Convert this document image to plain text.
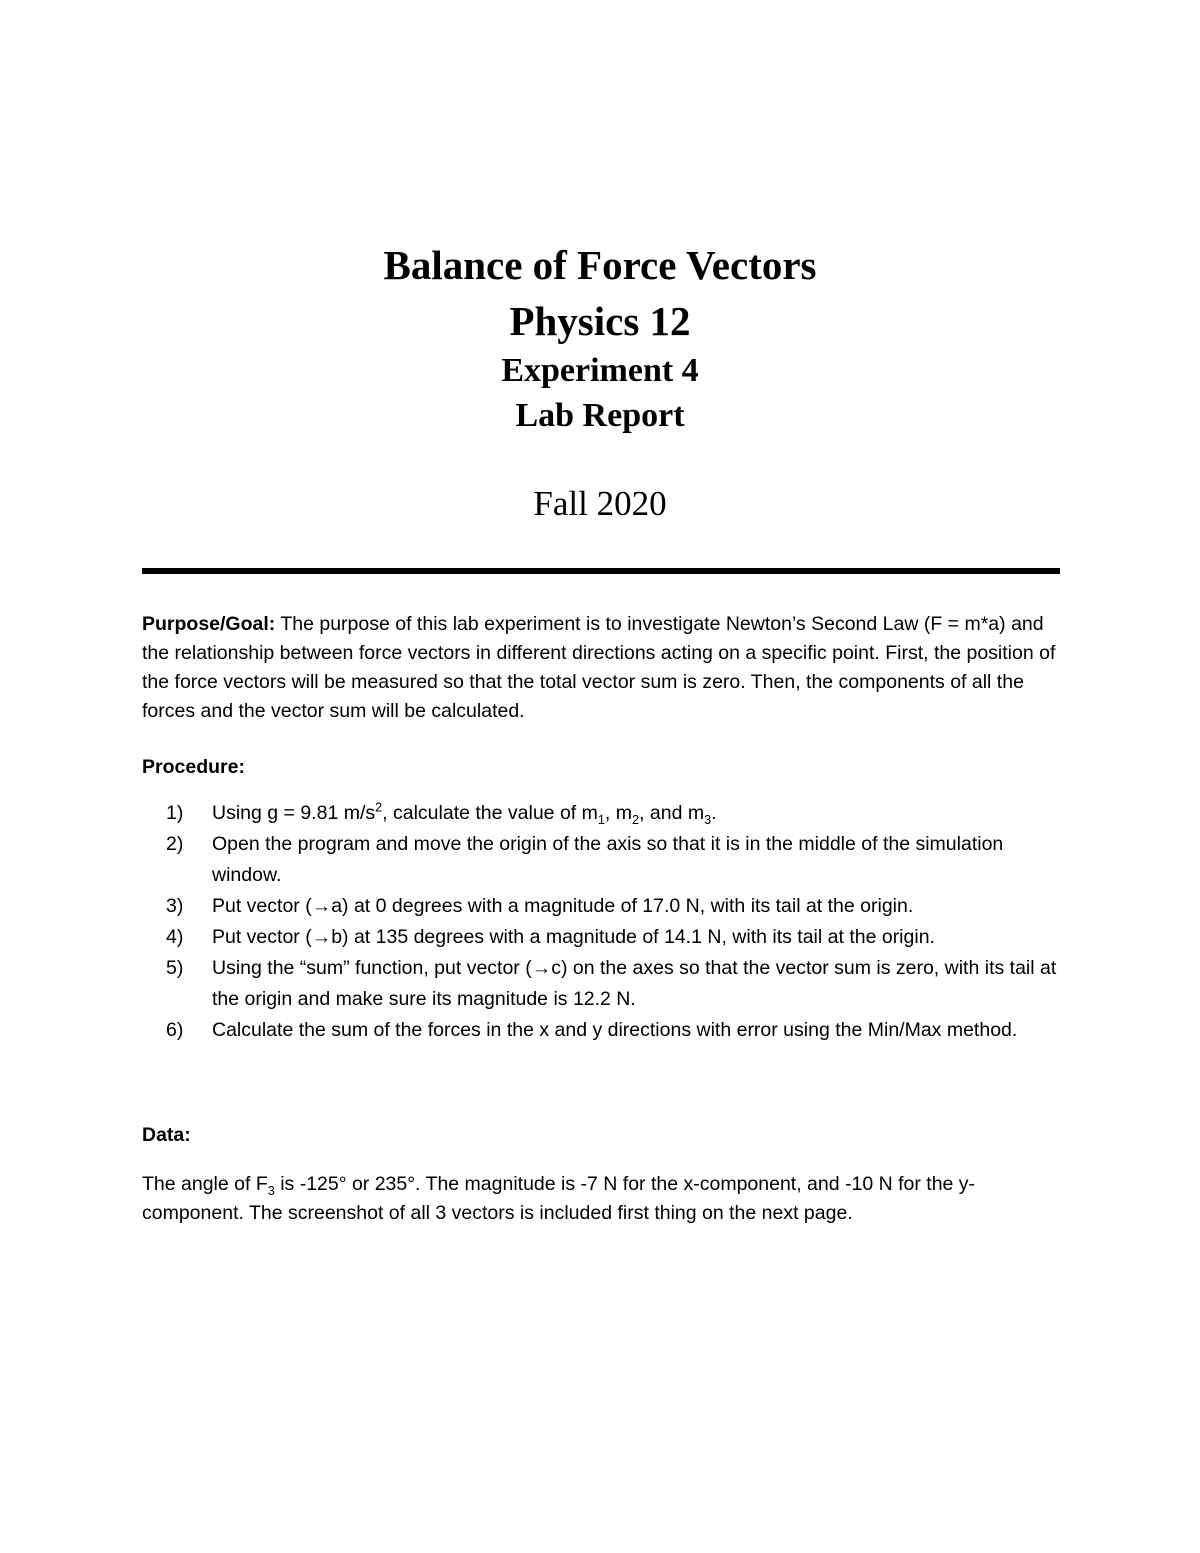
Balance of Force Vectors
Physics 12
Experiment 4
Lab Report
Fall 2020
Purpose/Goal: The purpose of this lab experiment is to investigate Newton’s Second Law (F = m*a) and the relationship between force vectors in different directions acting on a specific point. First, the position of the force vectors will be measured so that the total vector sum is zero. Then, the components of all the forces and the vector sum will be calculated.
Procedure:
1) Using g = 9.81 $m/s^2$, calculate the value of $m_1$, $m_2$, and $m_3$.
2) Open the program and move the origin of the axis so that it is in the middle of the simulation window.
3) Put vector (→a) at 0 degrees with a magnitude of 17.0 N, with its tail at the origin.
4) Put vector (→b) at 135 degrees with a magnitude of 14.1 N, with its tail at the origin.
5) Using the “sum” function, put vector (→c) on the axes so that the vector sum is zero, with its tail at the origin and make sure its magnitude is 12.2 N.
6) Calculate the sum of the forces in the x and y directions with error using the Min/Max method.
Data:
The angle of $F_3$ is -125° or 235°. The magnitude is -7 N for the x-component, and -10 N for the y-component. The screenshot of all 3 vectors is included first thing on the next page.
